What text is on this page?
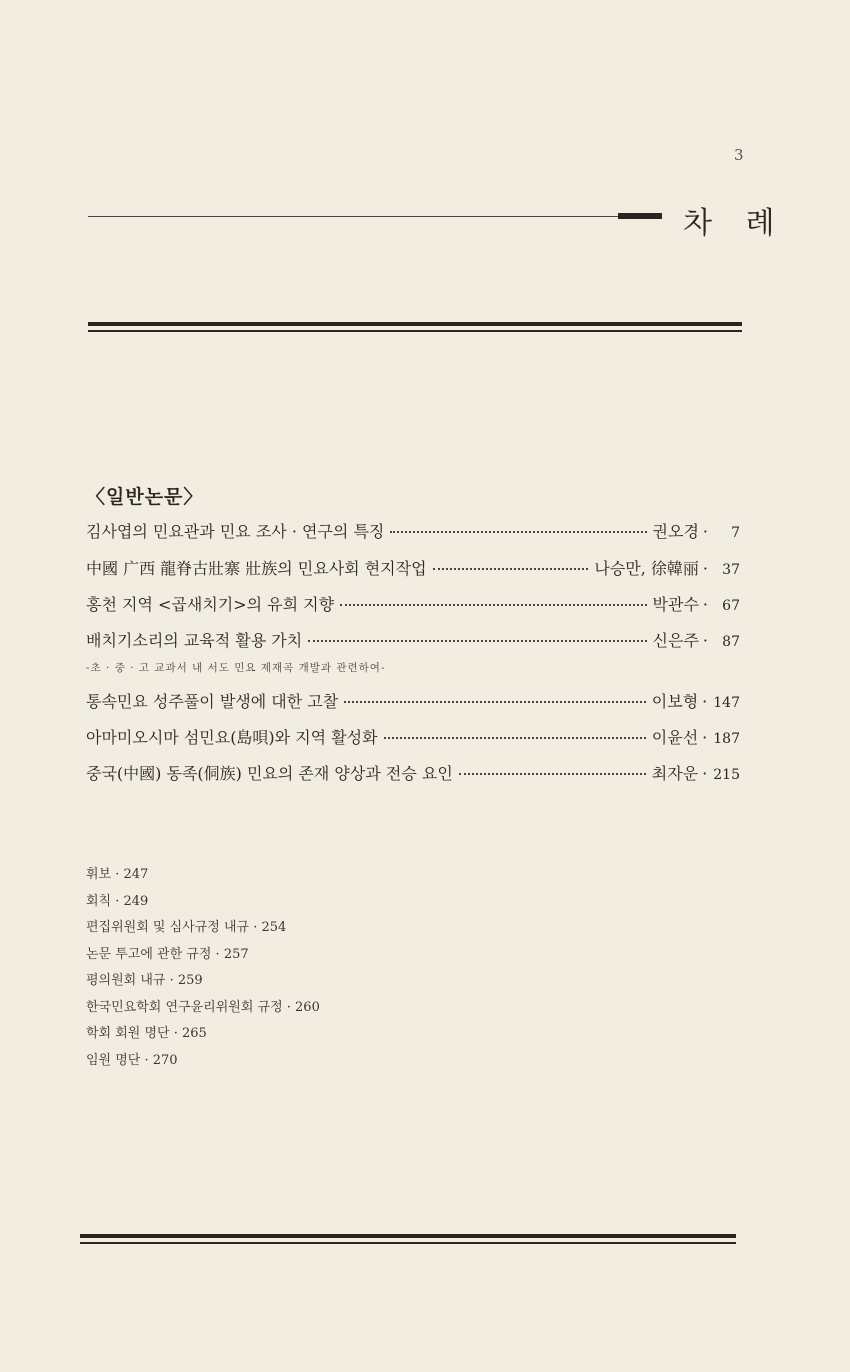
3
차 례
〈일반논문〉
김사엽의 민요관과 민요 조사 · 연구의 특징	권오경 ·	7
中國 广西 龍脊古壯寨 壯族의 민요사회 현지작업	나승만, 徐韓丽 ·	37
홍천 지역 <곱새치기>의 유희 지향	박관수 ·	67
배치기소리의 교육적 활용 가치	신은주 ·	87
-초 · 중 · 고 교과서 내 서도 민요 제재곡 개발과 관련하여-
통속민요 성주풀이 발생에 대한 고찰	이보형 · 147
아마미오시마 섬민요(島唄)와 지역 활성화	이윤선 · 187
중국(中國) 동족(侗族) 민요의 존재 양상과 전승 요인	최자운 · 215
휘보 · 247
회칙 · 249
편집위원회 및 심사규정 내규 · 254
논문 투고에 관한 규정 · 257
평의원회 내규 · 259
한국민요학회 연구윤리위원회 규정 · 260
학회 회원 명단 · 265
임원 명단 · 270
